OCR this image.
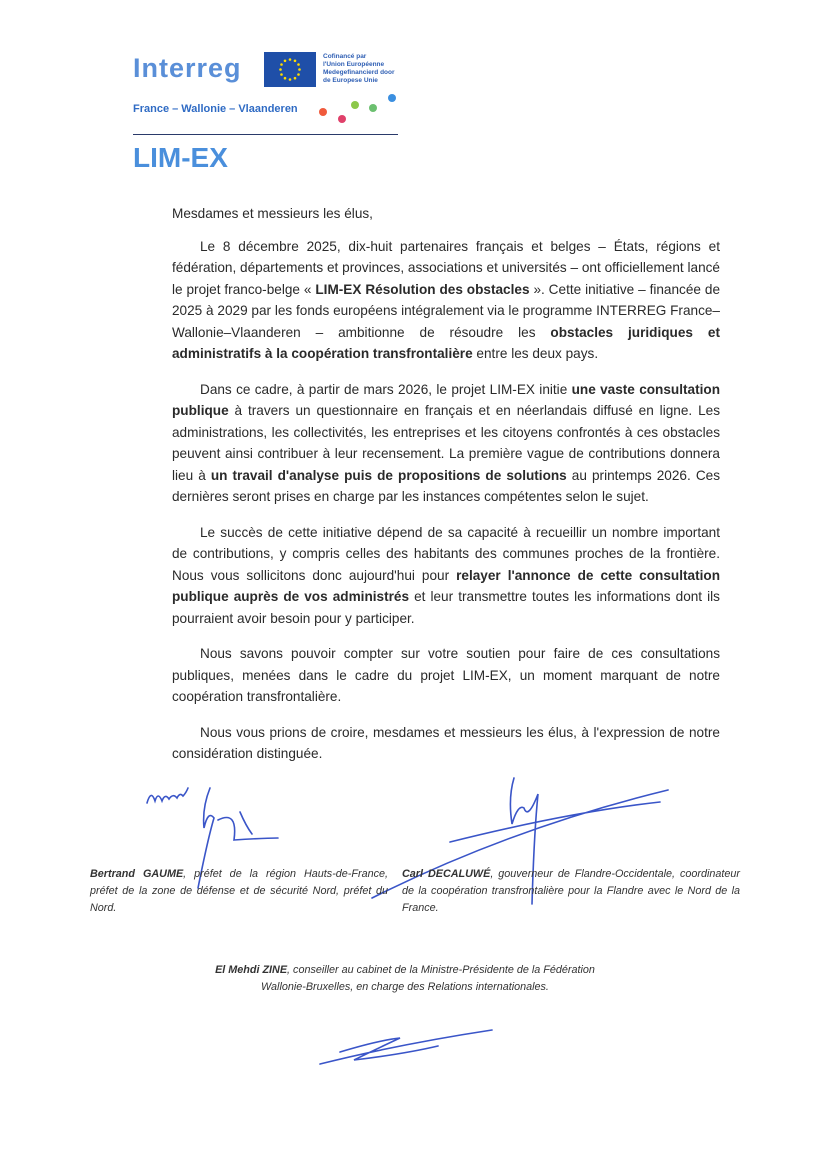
Interreg	Cofinancé par
l'Union Européenne
Medegefinancierd door
de Europese Unie
France – Wallonie – Vlaanderen
LIM-EX

Mesdames et messieurs les élus,

Le 8 décembre 2025, dix-huit partenaires français et belges – États, régions et fédération, départements et provinces, associations et universités – ont officiellement lancé le projet franco-belge « LIM-EX Résolution des obstacles ». Cette initiative – financée de 2025 à 2029 par les fonds européens intégralement via le programme INTERREG France–Wallonie–Vlaanderen – ambitionne de résoudre les obstacles juridiques et administratifs à la coopération transfrontalière entre les deux pays.

Dans ce cadre, à partir de mars 2026, le projet LIM-EX initie une vaste consultation publique à travers un questionnaire en français et en néerlandais diffusé en ligne. Les administrations, les collectivités, les entreprises et les citoyens confrontés à ces obstacles peuvent ainsi contribuer à leur recensement. La première vague de contributions donnera lieu à un travail d'analyse puis de propositions de solutions au printemps 2026. Ces dernières seront prises en charge par les instances compétentes selon le sujet.

Le succès de cette initiative dépend de sa capacité à recueillir un nombre important de contributions, y compris celles des habitants des communes proches de la frontière. Nous vous sollicitons donc aujourd'hui pour relayer l'annonce de cette consultation publique auprès de vos administrés et leur transmettre toutes les informations dont ils pourraient avoir besoin pour y participer.

Nous savons pouvoir compter sur votre soutien pour faire de ces consultations publiques, menées dans le cadre du projet LIM-EX, un moment marquant de notre coopération transfrontalière.

Nous vous prions de croire, mesdames et messieurs les élus, à l'expression de notre considération distinguée.

Bertrand GAUME, préfet de la région Hauts-de-France, préfet de la zone de défense et de sécurité Nord, préfet du Nord.
Carl DECALUWÉ, gouverneur de Flandre-Occidentale, coordinateur de la coopération transfrontalière pour la Flandre avec le Nord de la France.
El Mehdi ZINE, conseiller au cabinet de la Ministre-Présidente de la Fédération Wallonie-Bruxelles, en charge des Relations internationales.
